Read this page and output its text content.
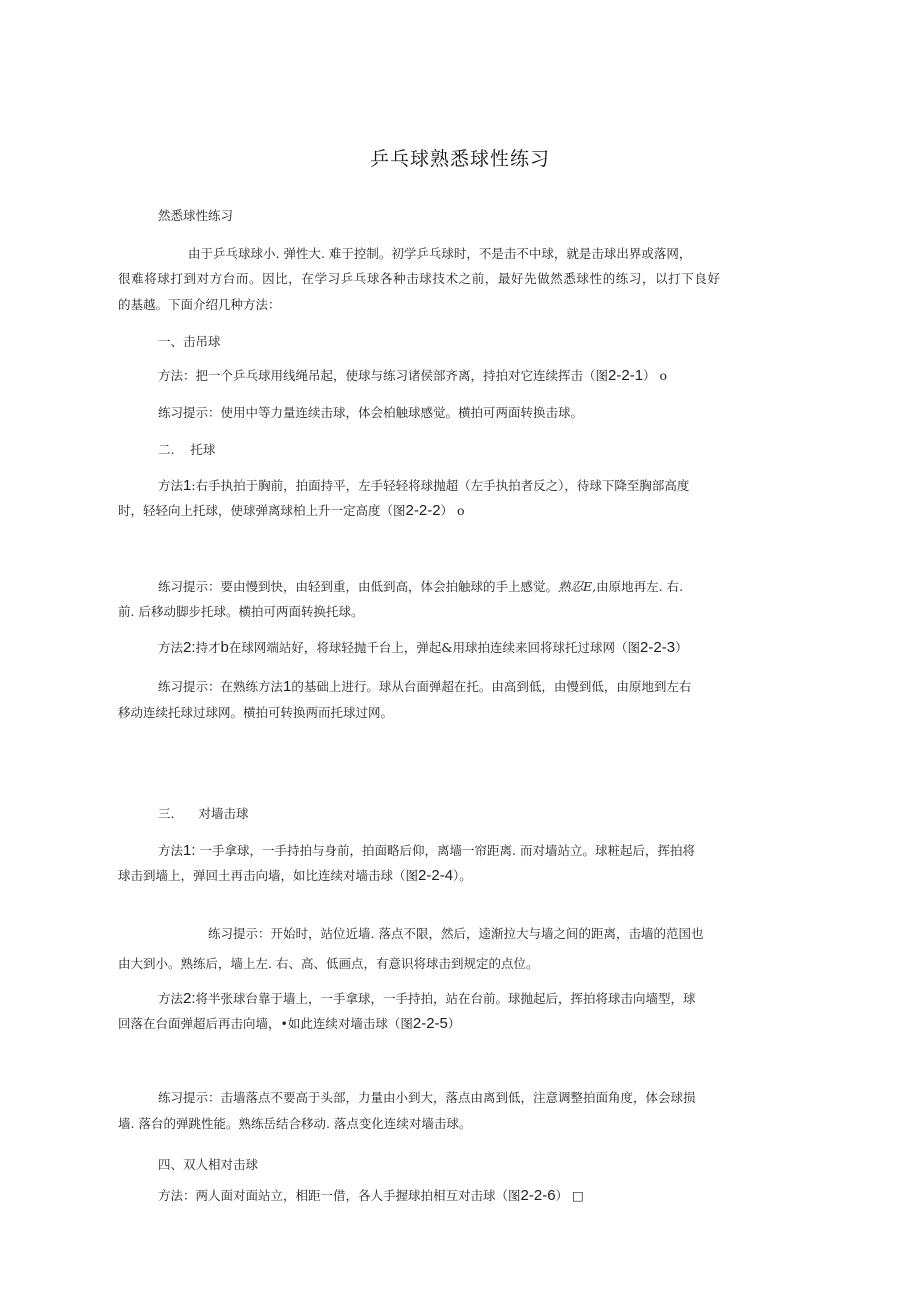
乒乓球熟悉球性练习
然悉球性练习
由于乒乓球球小. 弹性大. 难于控制。初学乒乓球时，不是击不中球，就是击球出界或落网，
很难将球打到对方台而。因比，在学习乒乓球各种击球技术之前，最好先做然悉球性的练习，以打下良好
的基越。下面介绍几种方法：
一、击吊球
方法：把一个乒乓球用线绳吊起，使球与练习诸侯部齐离，持拍对它连续挥击（图2-2-1） o
练习提示：使用中等力量连续击球，体会柏触球感觉。横拍可两面转换击球。
二.    托球
方法1:右手执拍于胸前，拍面持平，左手轻轻将球抛超（左手执拍者反之），待球下降至胸部高度
时，轻轻向上托球，使球弹离球柏上升一定高度（图2-2-2） o
练习提示：要由慢到快，由轻到重，由低到高，体会拍触球的手上感觉。熟忍E,由原地再左. 右.
前. 后移动脚步托球。横拍可两面转换托球。
方法2:持才b在球网端站好，将球轻抛千台上，弹起&用球拍连续来回将球托过球网（图2-2-3）
练习提示：在熟练方法1的基础上进行。球从台面弹超在托。由高到低，由慢到低，由原地到左右
移动连续托球过球网。横拍可转换两而托球过网。
三. 对墙击球
方法1: 一手拿球，一手持拍与身前，拍面略后仰，离墙一帘距离. 而对墙站立。球粧起后，挥拍将
球击到墙上，弹回土再击向墙，如比连续对墙击球（图2-2-4）。
练习提示：开始时，站位近墙. 落点不限，然后，逵渐拉大与墙之间的距离，击墙的范国也
由大到小。熟练后，墙上左. 右、高、低画点，有意识将球击到规定的点位。
方法2:将半张球台靠于墙上，一手拿球，一手持拍，站在台前。球抛起后，挥拍将球击向墙型，球
回落在台面弹超后再击向墙，•如此连续对墙击球（图2-2-5）
练习提示：击墙落点不要高于头部，力量由小到大，落点由离到低，注意调整拍面角度，体会球损
墙. 落台的弹跳性能。熟练岳结合移动. 落点变化连续对墙击球。
四、双人相对击球
方法：两人面对面站立，相距一借，各人手握球拍相互对击球（图2-2-6） □
